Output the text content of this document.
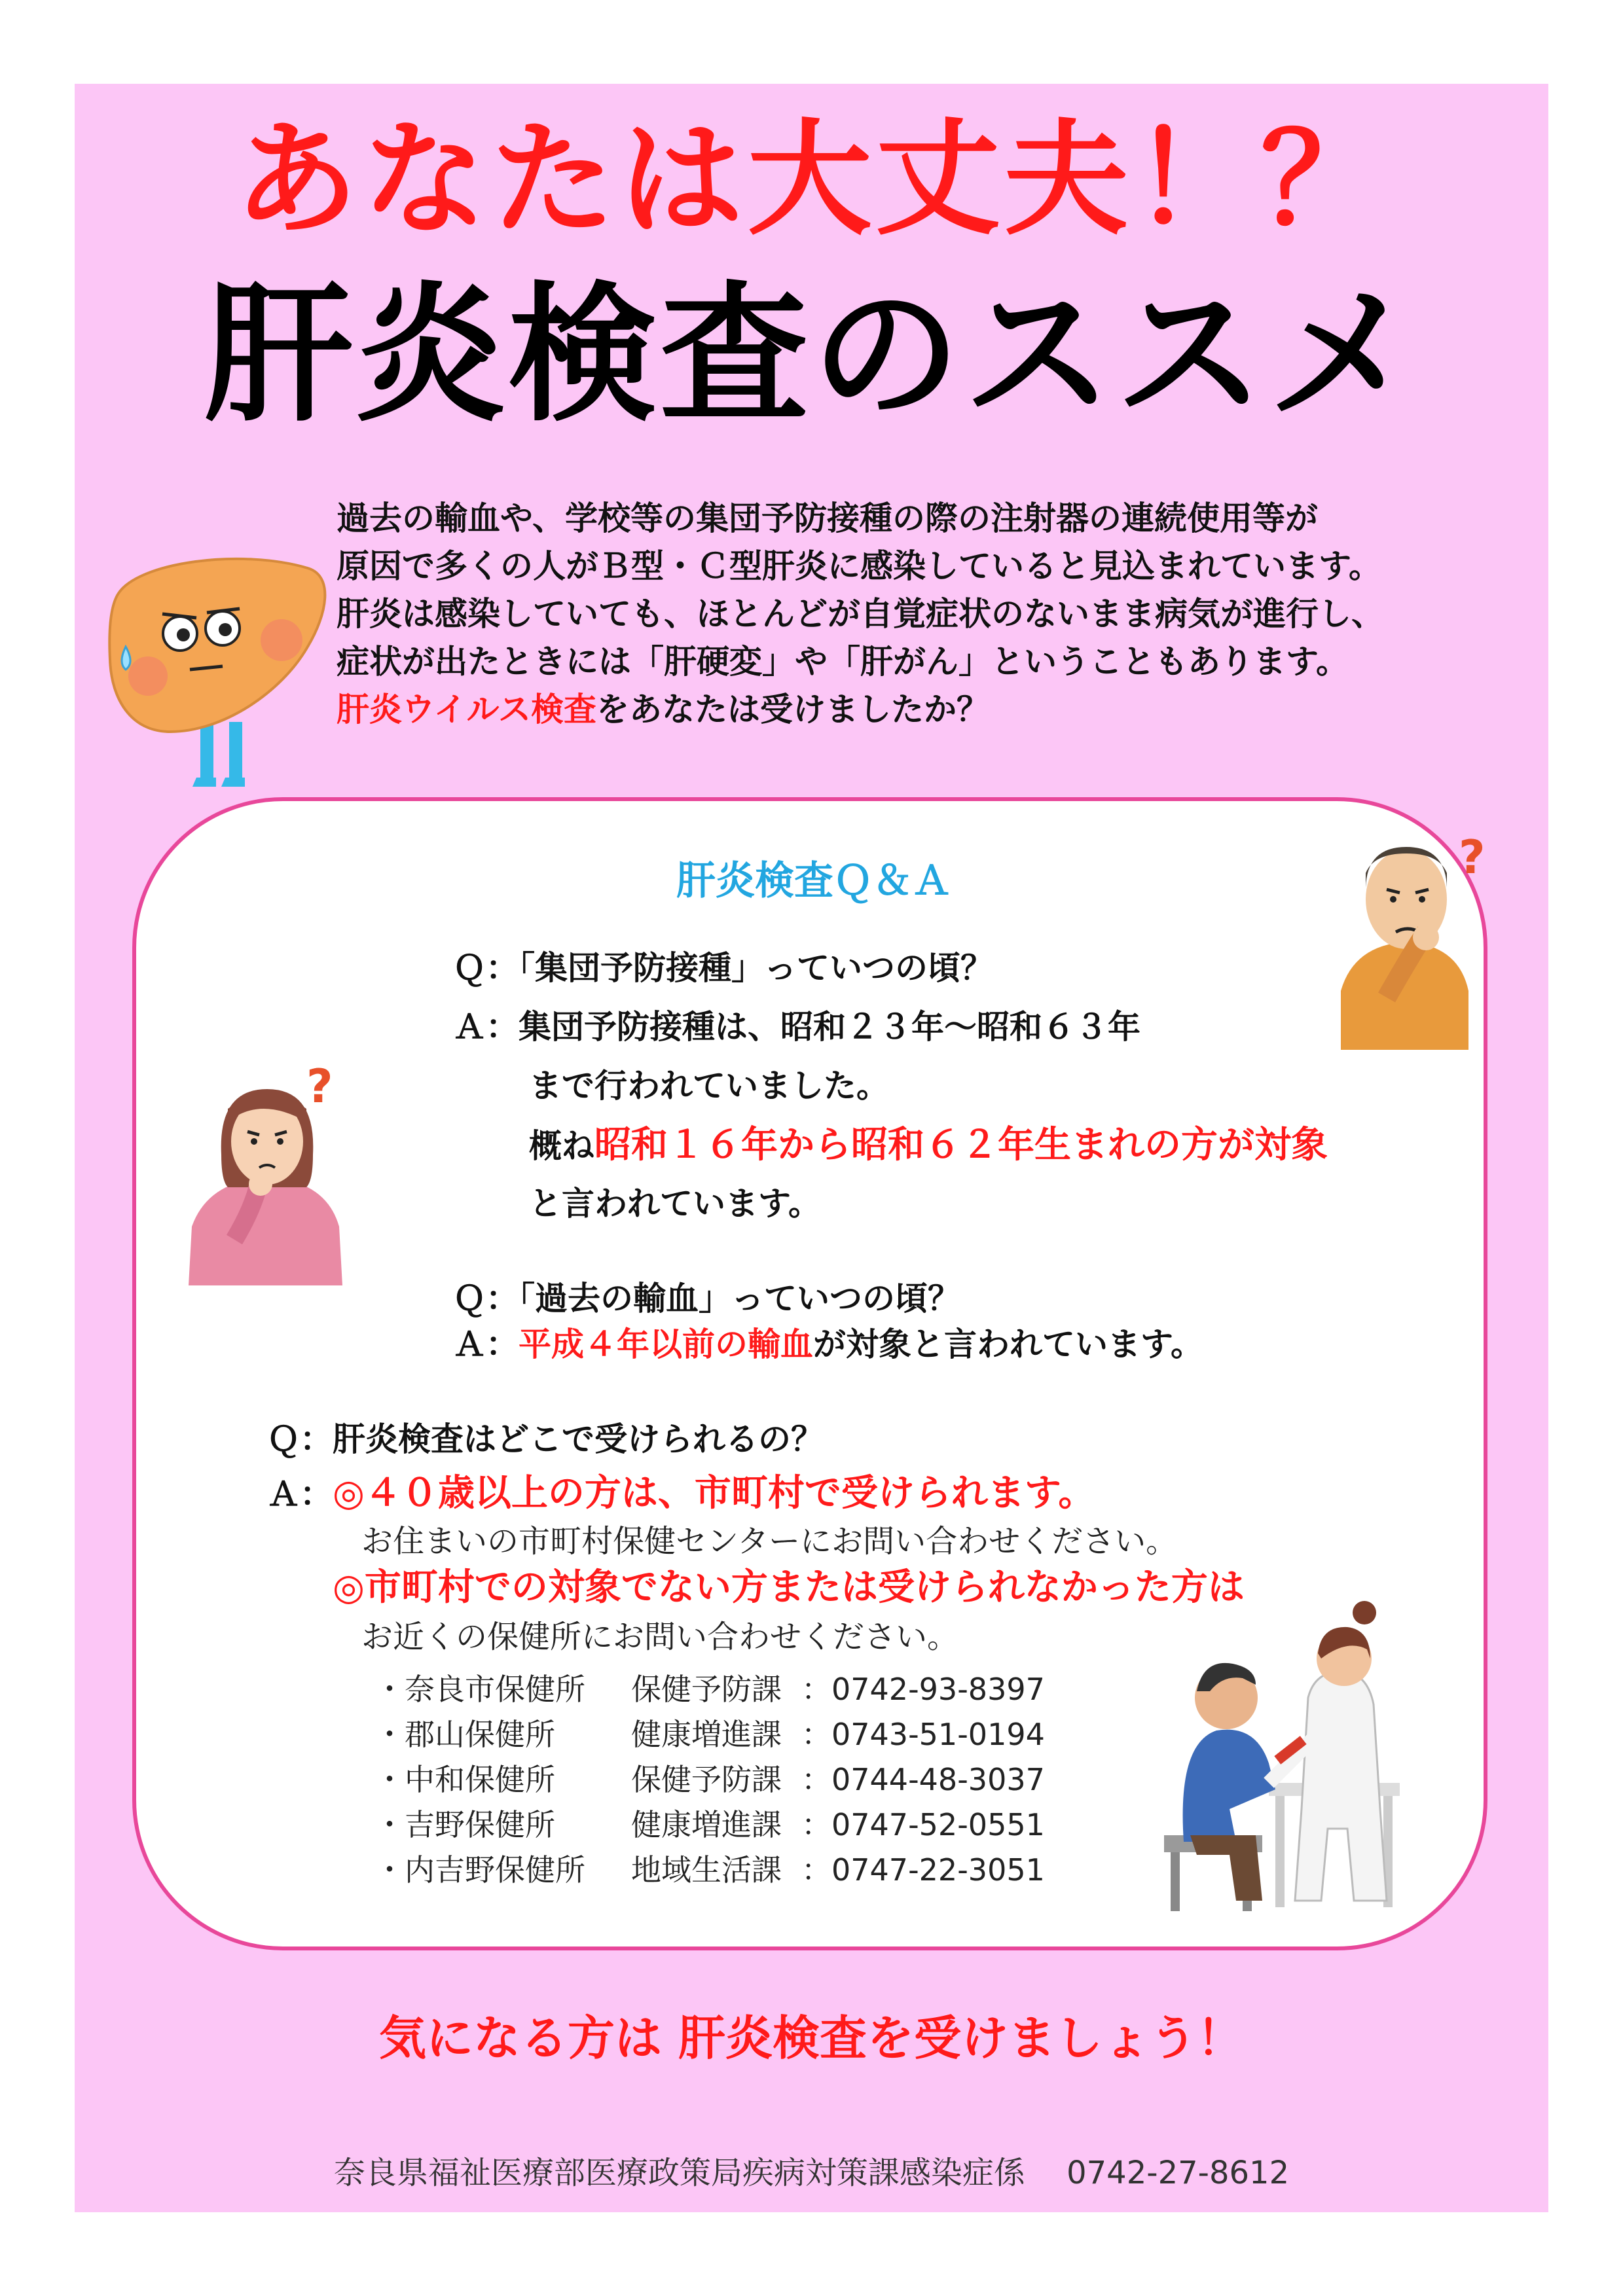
あなたは大丈夫！？
肝炎検査のススメ

過去の輸血や、学校等の集団予防接種の際の注射器の連続使用等が

原因で多くの人がＢ型・Ｃ型肝炎に感染していると見込まれています。

肝炎は感染していても、ほとんどが自覚症状のないまま病気が進行し、

症状が出たときには「肝硬変」や「肝がん」ということもあります。

肝炎ウイルス検査をあなたは受けましたか？

肝炎検査Ｑ＆Ａ	?
?
Ｑ：「集団予防接種」っていつの頃？
Ａ：集団予防接種は、昭和２３年～昭和６３年
まで行われていました。
概ね昭和１６年から昭和６２年生まれの方が対象
と言われています。
Ｑ：「過去の輸血」っていつの頃？
Ａ：平成４年以前の輸血が対象と言われています。
Ｑ：肝炎検査はどこで受けられるの？
Ａ：◎４０歳以上の方は、市町村で受けられます。
お住まいの市町村保健センターにお問い合わせください。
◎市町村での対象でない方または受けられなかった方は
お近くの保健所にお問い合わせください。
・奈良市保健所 保健予防課 ：0742-93-8397
・郡山保健所	健康増進課 ：0743-51-0194
・中和保健所	保健予防課 ：0744-48-3037
・吉野保健所	健康増進課 ：0747-52-0551
・内吉野保健所 地域生活課 ：0747-22-3051
気になる方は 肝炎検査を受けましょう！
奈良県福祉医療部医療政策局疾病対策課感染症係　 0742-27-8612
